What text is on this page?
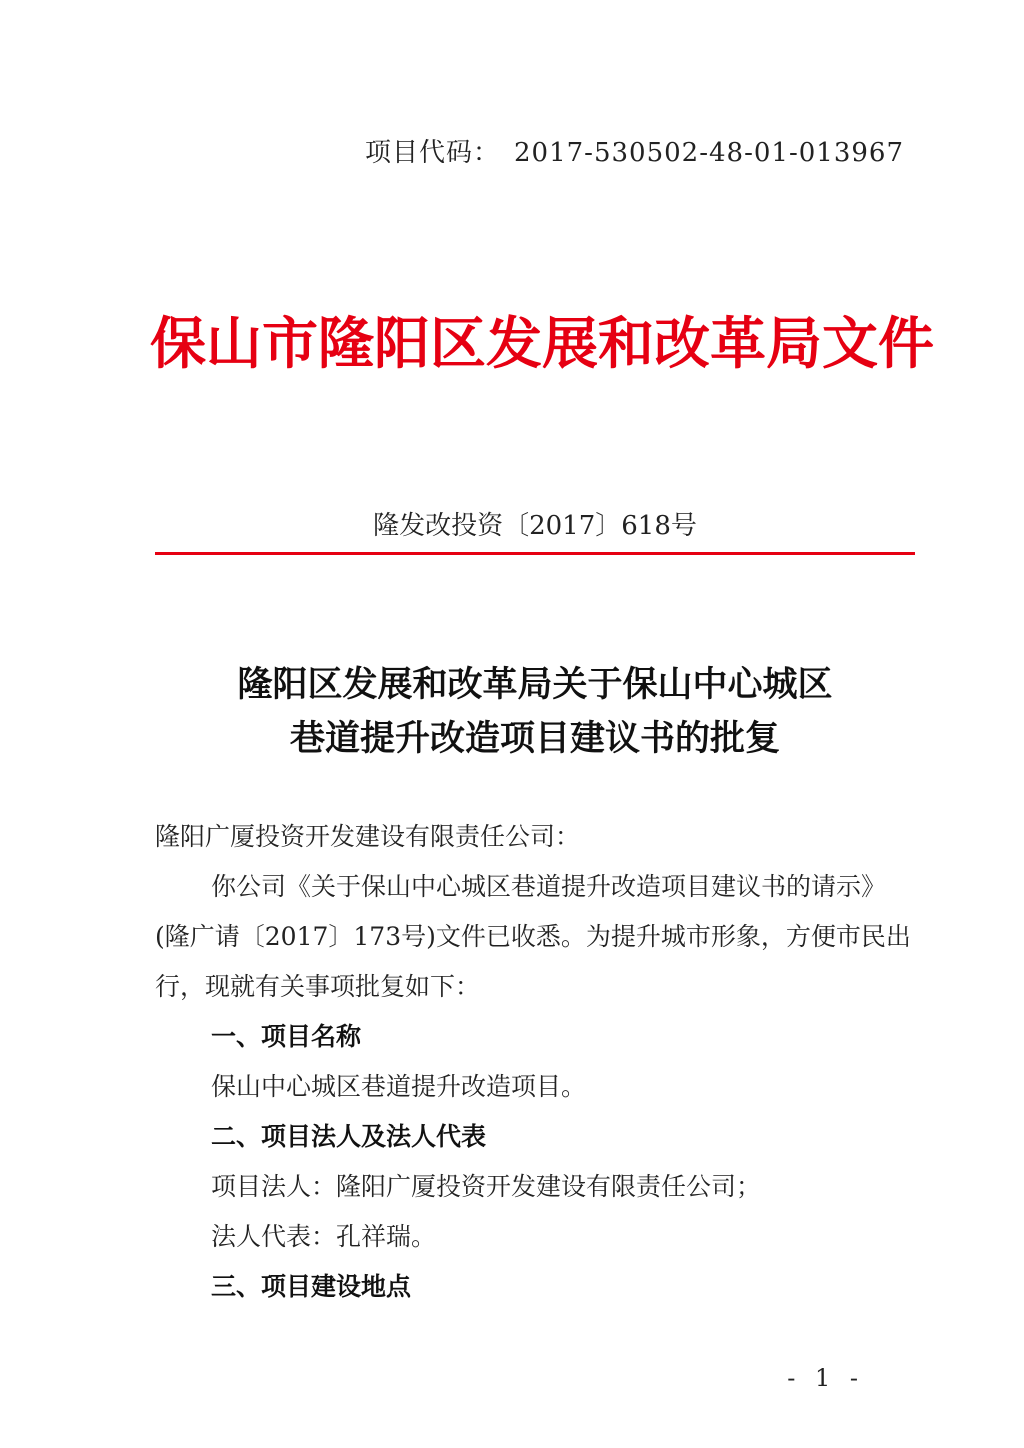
项目代码： 2017-530502-48-01-013967
保山市隆阳区发展和改革局文件
隆发改投资〔2017〕618号
隆阳区发展和改革局关于保山中心城区
巷道提升改造项目建议书的批复

隆阳广厦投资开发建设有限责任公司：

你公司《关于保山中心城区巷道提升改造项目建议书的请示》(隆广请〔2017〕173号)文件已收悉。为提升城市形象，方便市民出行，现就有关事项批复如下：

一、项目名称

保山中心城区巷道提升改造项目。

二、项目法人及法人代表

项目法人：隆阳广厦投资开发建设有限责任公司；

法人代表：孔祥瑞。

三、项目建设地点

- 1 -
